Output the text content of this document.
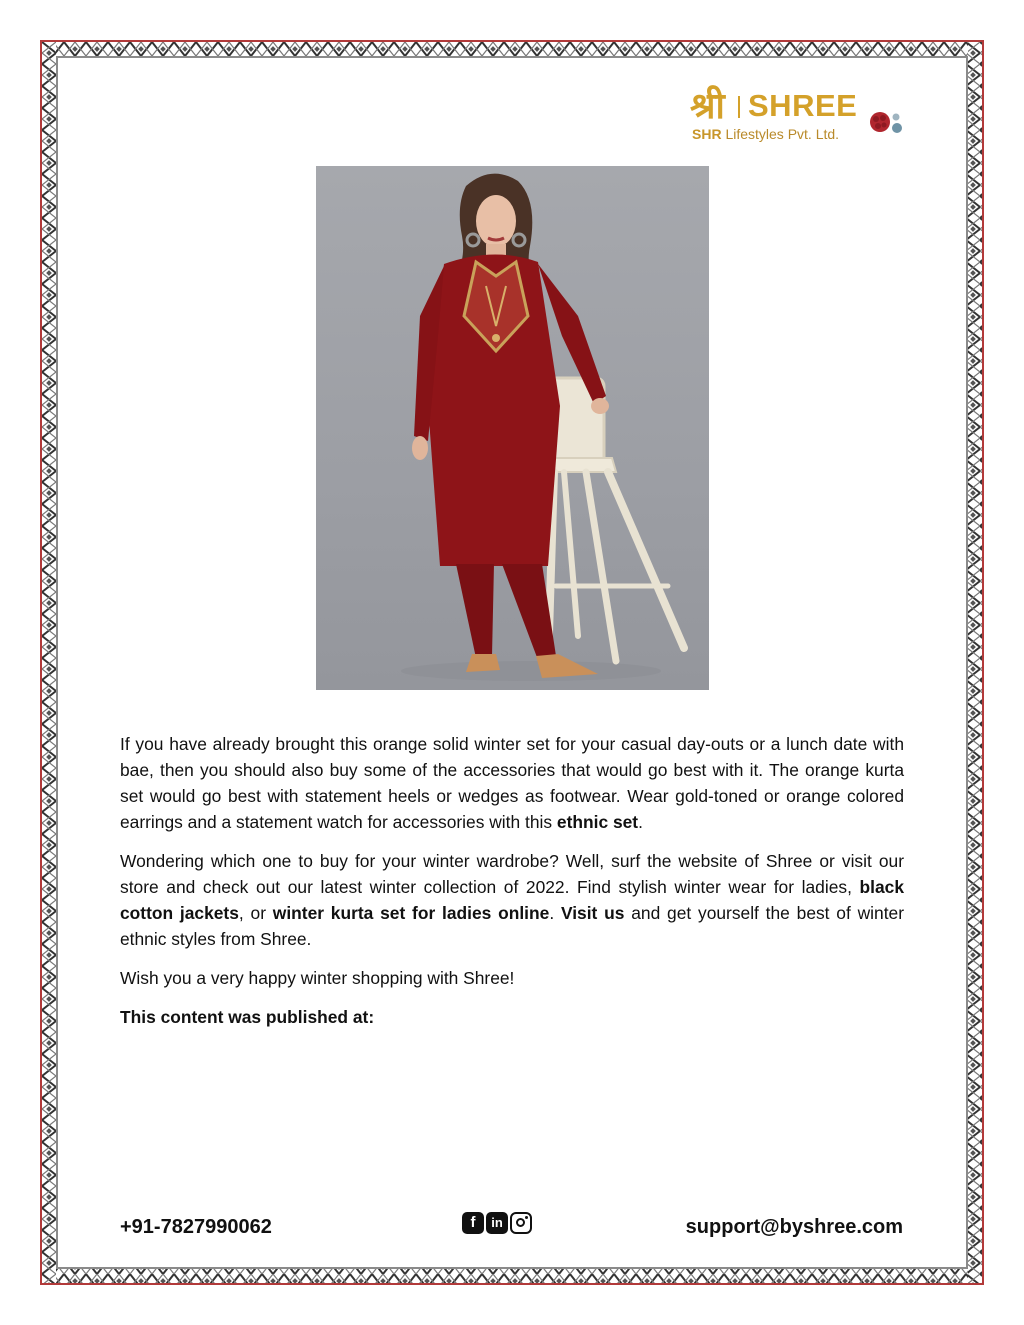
श्री SHREE
SHR Lifestyles Pvt. Ltd.

If you have already brought this orange solid winter set for your casual day-outs or a lunch date with bae, then you should also buy some of the accessories that would go best with it. The orange kurta set would go best with statement heels or wedges as footwear. Wear gold-toned or orange colored earrings and a statement watch for accessories with this ethnic set.

Wondering which one to buy for your winter wardrobe? Well, surf the website of Shree or visit our store and check out our latest winter collection of 2022. Find stylish winter wear for ladies, black cotton jackets, or winter kurta set for ladies online. Visit us and get yourself the best of winter ethnic styles from Shree.

Wish you a very happy winter shopping with Shree!

This content was published at:

+91-7827990062	f	in	support@byshree.com
